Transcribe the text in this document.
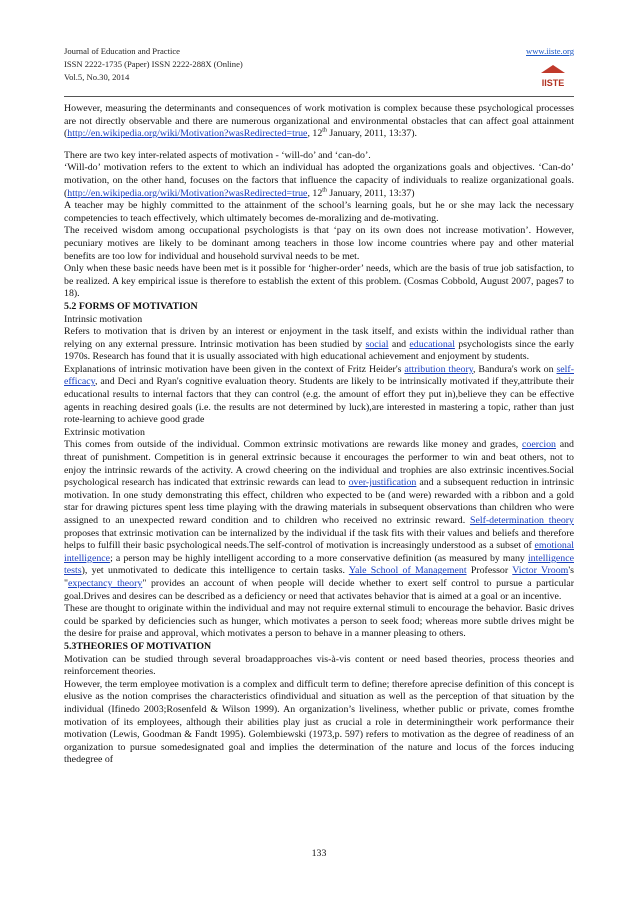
Journal of Education and Practice
ISSN 2222-1735 (Paper) ISSN 2222-288X (Online)
Vol.5, No.30, 2014
www.iiste.org
IISTE

However, measuring the determinants and consequences of work motivation is complex because these psychological processes are not directly observable and there are numerous organizational and environmental obstacles that can affect goal attainment (http://en.wikipedia.org/wiki/Motivation?wasRedirected=true, 12th January, 2011, 13:37).

There are two key inter-related aspects of motivation - ‘will-do’ and ‘can-do’.

‘Will-do’ motivation refers to the extent to which an individual has adopted the organizations goals and objectives. ‘Can-do’ motivation, on the other hand, focuses on the factors that influence the capacity of individuals to realize organizational goals. (http://en.wikipedia.org/wiki/Motivation?wasRedirected=true, 12th January, 2011, 13:37)

A teacher may be highly committed to the attainment of the school’s learning goals, but he or she may lack the necessary competencies to teach effectively, which ultimately becomes de-moralizing and de-motivating.

The received wisdom among occupational psychologists is that ‘pay on its own does not increase motivation’. However, pecuniary motives are likely to be dominant among teachers in those low income countries where pay and other material benefits are too low for individual and household survival needs to be met.

Only when these basic needs have been met is it possible for ‘higher-order’ needs, which are the basis of true job satisfaction, to be realized. A key empirical issue is therefore to establish the extent of this problem. (Cosmas Cobbold, August 2007, pages7 to 18).

5.2 FORMS OF MOTIVATION

Intrinsic motivation

Refers to motivation that is driven by an interest or enjoyment in the task itself, and exists within the individual rather than relying on any external pressure. Intrinsic motivation has been studied by social and educational psychologists since the early 1970s. Research has found that it is usually associated with high educational achievement and enjoyment by students.

Explanations of intrinsic motivation have been given in the context of Fritz Heider's attribution theory, Bandura's work on self-efficacy, and Deci and Ryan's cognitive evaluation theory. Students are likely to be intrinsically motivated if they,attribute their educational results to internal factors that they can control (e.g. the amount of effort they put in),believe they can be effective agents in reaching desired goals (i.e. the results are not determined by luck),are interested in mastering a topic, rather than just rote-learning to achieve good grade

Extrinsic motivation

This comes from outside of the individual. Common extrinsic motivations are rewards like money and grades, coercion and threat of punishment. Competition is in general extrinsic because it encourages the performer to win and beat others, not to enjoy the intrinsic rewards of the activity. A crowd cheering on the individual and trophies are also extrinsic incentives.Social psychological research has indicated that extrinsic rewards can lead to over-justification and a subsequent reduction in intrinsic motivation. In one study demonstrating this effect, children who expected to be (and were) rewarded with a ribbon and a gold star for drawing pictures spent less time playing with the drawing materials in subsequent observations than children who were assigned to an unexpected reward condition and to children who received no extrinsic reward. Self-determination theory proposes that extrinsic motivation can be internalized by the individual if the task fits with their values and beliefs and therefore helps to fulfill their basic psychological needs.The self-control of motivation is increasingly understood as a subset of emotional intelligence; a person may be highly intelligent according to a more conservative definition (as measured by many intelligence tests), yet unmotivated to dedicate this intelligence to certain tasks. Yale School of Management Professor Victor Vroom's "expectancy theory" provides an account of when people will decide whether to exert self control to pursue a particular goal.Drives and desires can be described as a deficiency or need that activates behavior that is aimed at a goal or an incentive.

These are thought to originate within the individual and may not require external stimuli to encourage the behavior. Basic drives could be sparked by deficiencies such as hunger, which motivates a person to seek food; whereas more subtle drives might be the desire for praise and approval, which motivates a person to behave in a manner pleasing to others.

5.3THEORIES OF MOTIVATION

Motivation can be studied through several broadapproaches vis-à-vis content or need based theories, process theories and reinforcement theories.

However, the term employee motivation is a complex and difficult term to define; therefore aprecise definition of this concept is elusive as the notion comprises the characteristics ofindividual and situation as well as the perception of that situation by the individual (Ifinedo 2003;Rosenfeld & Wilson 1999). An organization’s liveliness, whether public or private, comes fromthe motivation of its employees, although their abilities play just as crucial a role in determiningtheir work performance their motivation (Lewis, Goodman & Fandt 1995). Golembiewski (1973,p. 597) refers to motivation as the degree of readiness of an organization to pursue somedesignated goal and implies the determination of the nature and locus of the forces inducing thedegree of

133
